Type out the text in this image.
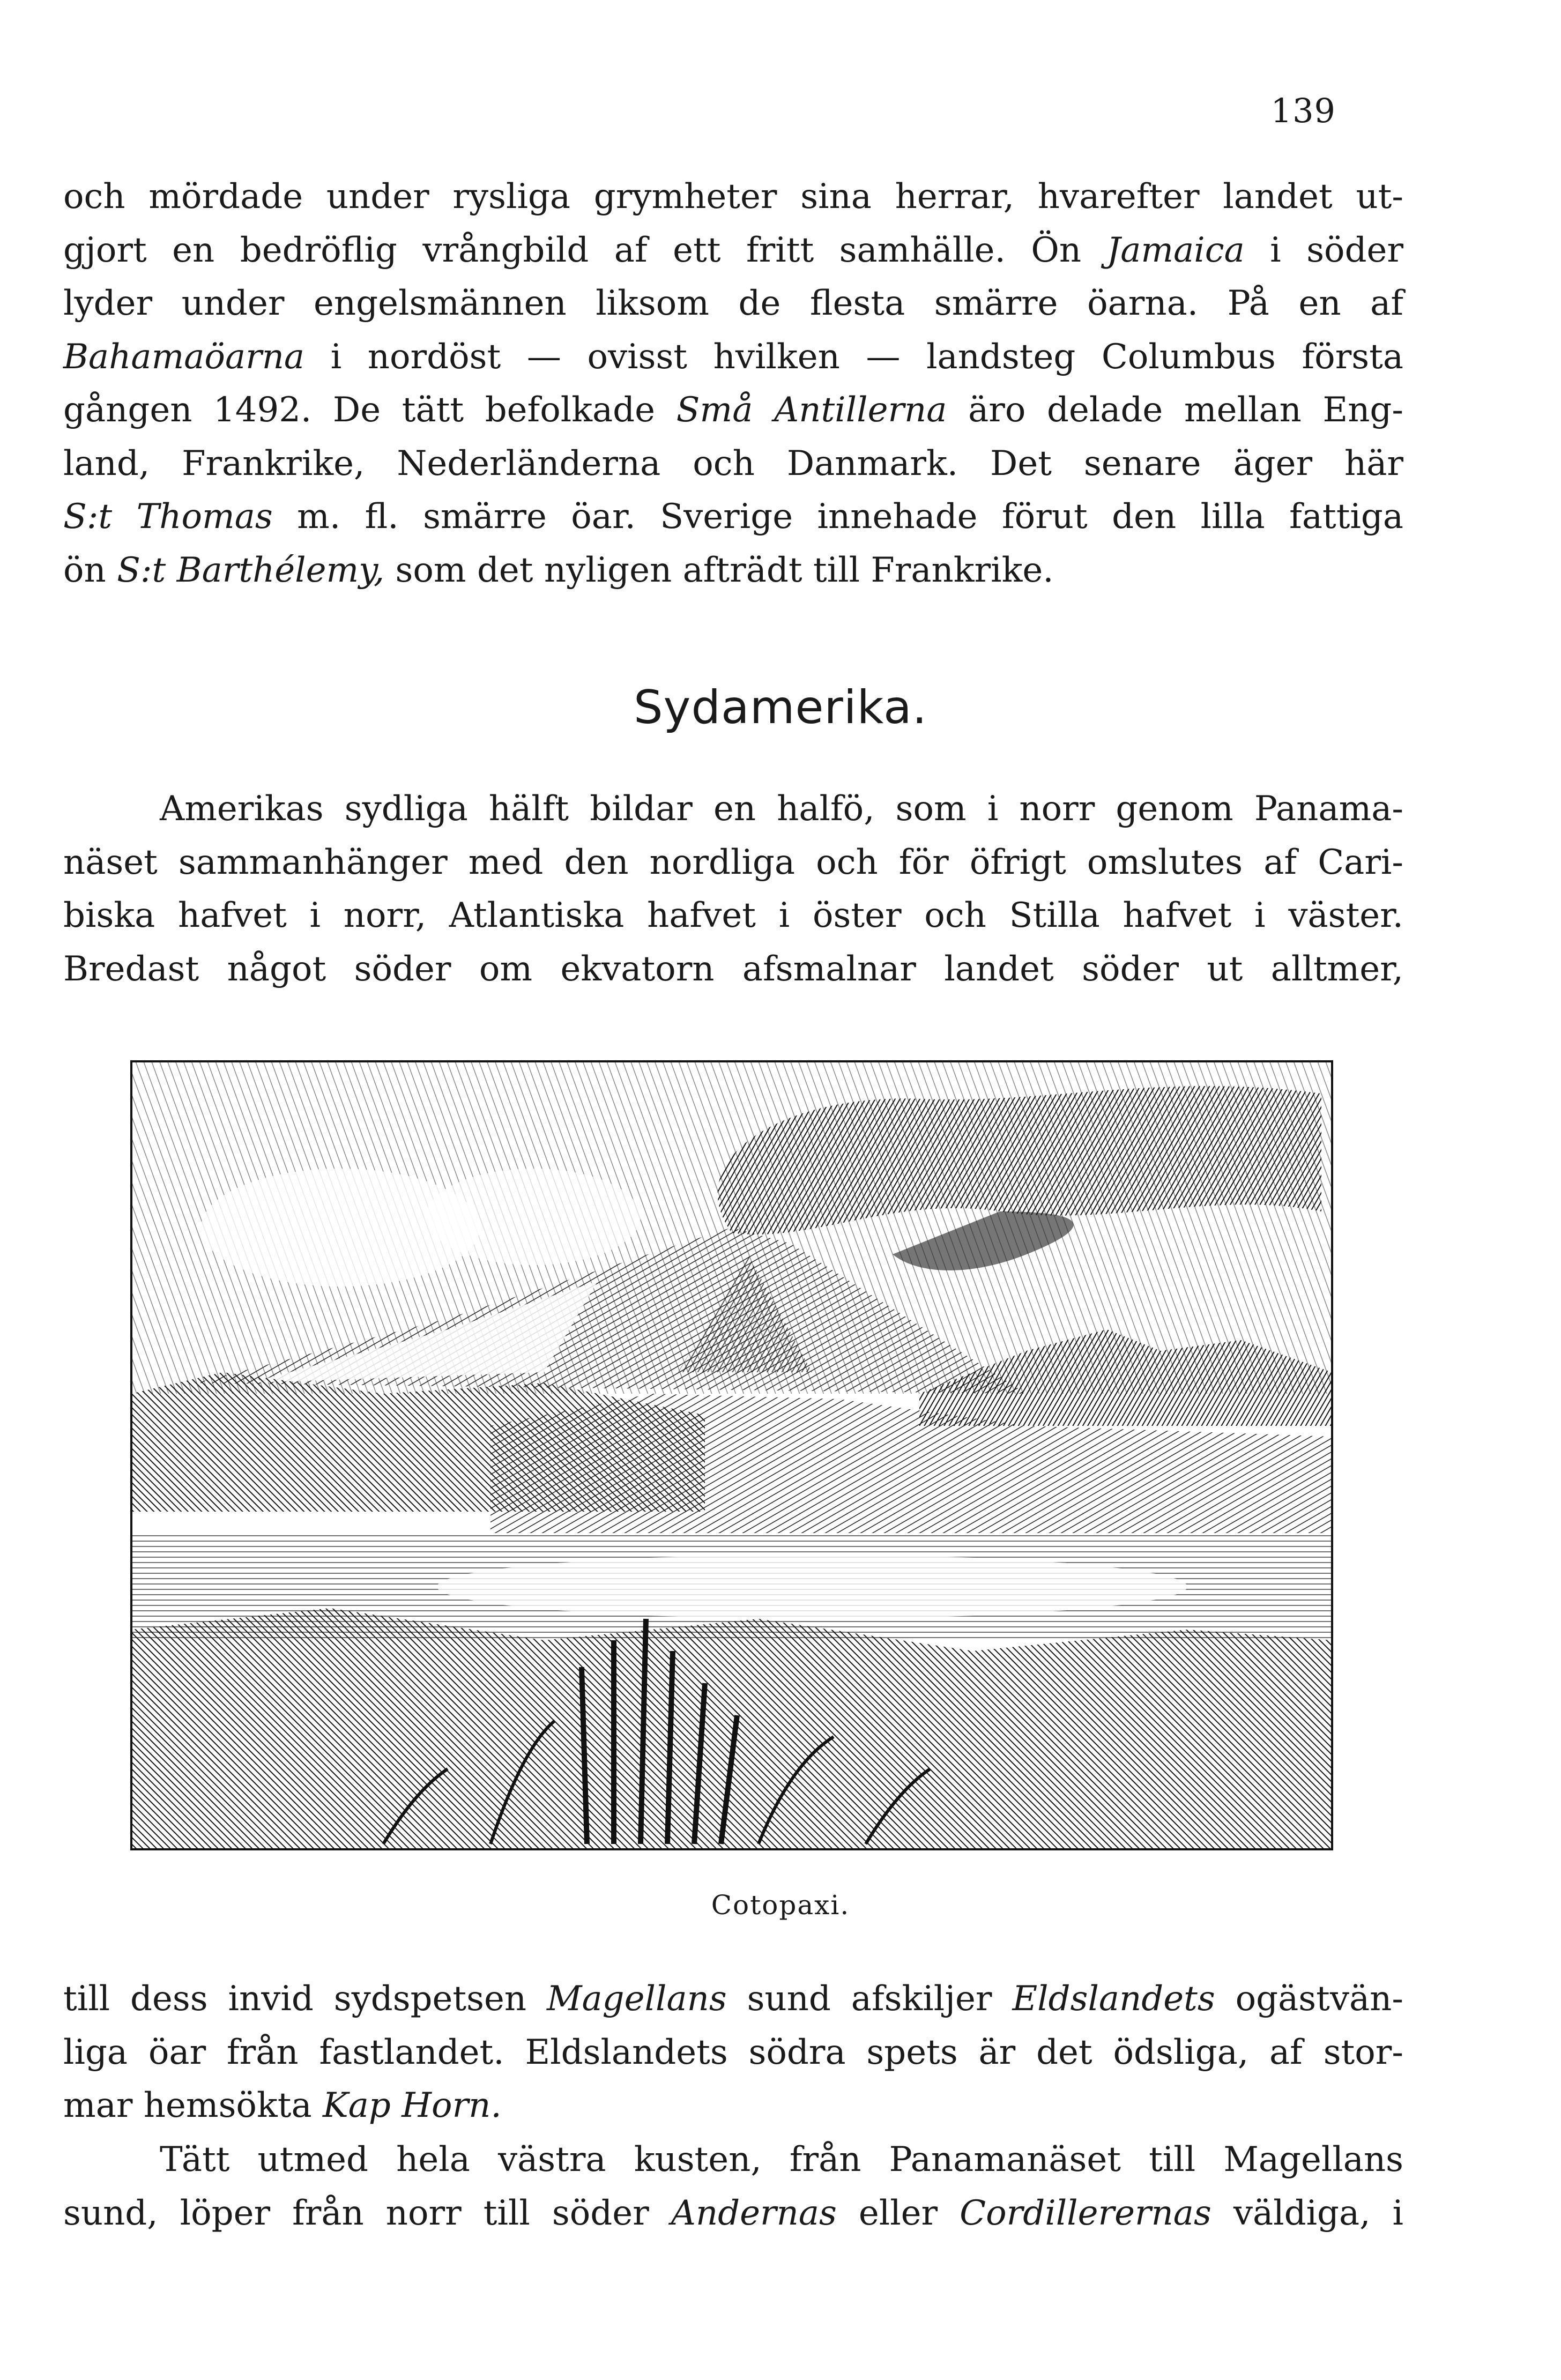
139
och mördade under rysliga grymheter sina herrar, hvarefter landet ut-
gjort en bedröflig vrångbild af ett fritt samhälle. Ön Jamaica i söder
lyder under engelsmännen liksom de flesta smärre öarna. På en af
Bahamaöarna i nordöst — ovisst hvilken — landsteg Columbus första
gången 1492. De tätt befolkade Små Antillerna äro delade mellan Eng-
land, Frankrike, Nederländerna och Danmark. Det senare äger här
S:t Thomas m. fl. smärre öar. Sverige innehade förut den lilla fattiga
ön S:t Barthélemy, som det nyligen afträdt till Frankrike.
Sydamerika.
Amerikas sydliga hälft bildar en halfö, som i norr genom Panama-
näset sammanhänger med den nordliga och för öfrigt omslutes af Cari-
biska hafvet i norr, Atlantiska hafvet i öster och Stilla hafvet i väster.
Bredast något söder om ekvatorn afsmalnar landet söder ut alltmer,
Cotopaxi.
till dess invid sydspetsen Magellans sund afskiljer Eldslandets ogästvän-
liga öar från fastlandet. Eldslandets södra spets är det ödsliga, af stor-
mar hemsökta Kap Horn.
Tätt utmed hela västra kusten, från Panamanäset till Magellans
sund, löper från norr till söder Andernas eller Cordillerernas väldiga, i
